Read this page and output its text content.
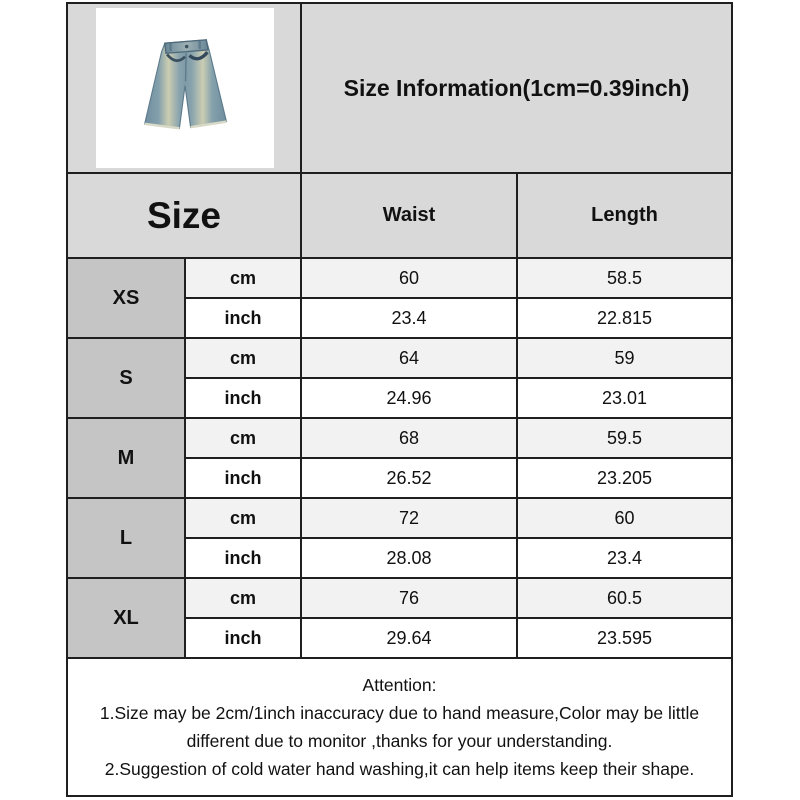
	Size Information(1cm=0.39inch)	
Size		Waist	Length
XS	cm	60	58.5
	inch	23.4	22.815
S	cm	64	59
	inch	24.96	23.01
M	cm	68	59.5
	inch	26.52	23.205
L	cm	72	60
	inch	28.08	23.4
XL	cm	76	60.5
	inch	29.64	23.595

Attention:

1.Size may be 2cm/1inch inaccuracy due to hand measure,Color may be little different due to monitor ,thanks for your understanding.

2.Suggestion of cold water hand washing,it can help items keep their shape.			
